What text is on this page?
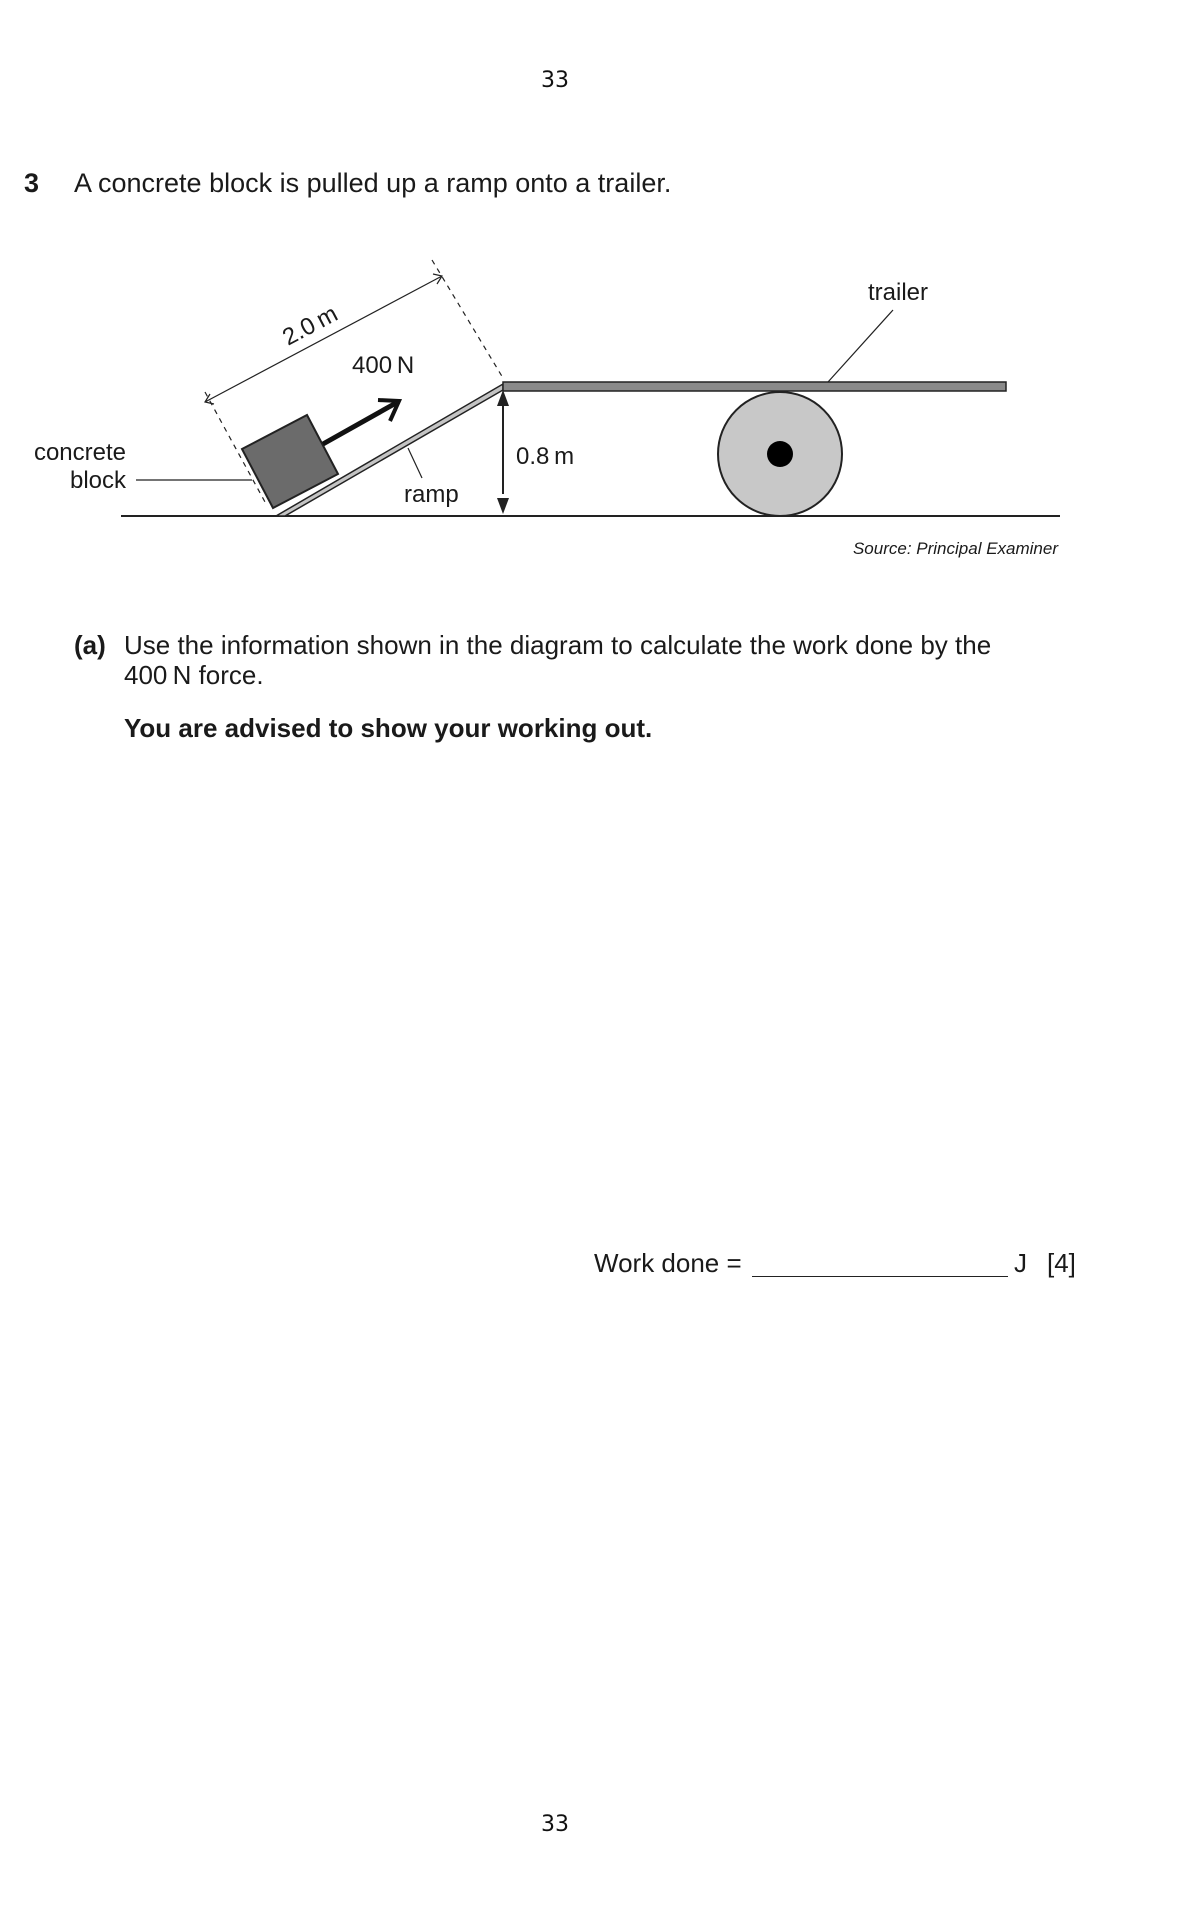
33
3 A concrete block is pulled up a ramp onto a trailer.
0.8 m
trailer
400 N
2.0 m
ramp
concrete
block
Source: Principal Examiner
(a) Use the information shown in the diagram to calculate the work done by the 400 N force.
You are advised to show your working out.
Work done =	J [4]
33
